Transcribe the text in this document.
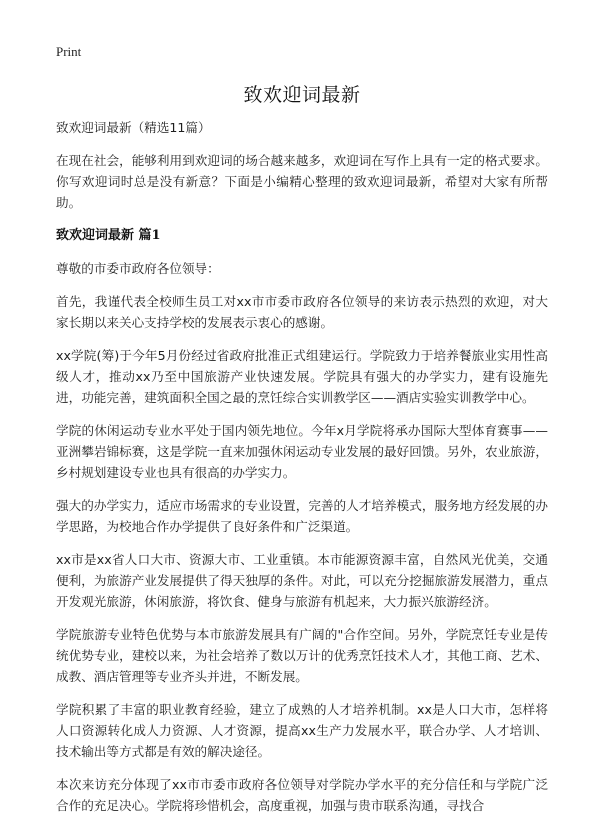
Print
致欢迎词最新

致欢迎词最新（精选11篇）

在现在社会，能够利用到欢迎词的场合越来越多，欢迎词在写作上具有一定的格式要求。你写欢迎词时总是没有新意？下面是小编精心整理的致欢迎词最新，希望对大家有所帮助。

致欢迎词最新 篇1

尊敬的市委市政府各位领导：

首先，我谨代表全校师生员工对xx市市委市政府各位领导的来访表示热烈的欢迎，对大家长期以来关心支持学校的发展表示衷心的感谢。

xx学院(筹)于今年5月份经过省政府批准正式组建运行。学院致力于培养餐旅业实用性高级人才，推动xx乃至中国旅游产业快速发展。学院具有强大的办学实力，建有设施先进，功能完善，建筑面积全国之最的烹饪综合实训教学区——酒店实验实训教学中心。

学院的休闲运动专业水平处于国内领先地位。今年x月学院将承办国际大型体育赛事——亚洲攀岩锦标赛，这是学院一直来加强休闲运动专业发展的最好回馈。另外，农业旅游，乡村规划建设专业也具有很高的办学实力。

强大的办学实力，适应市场需求的专业设置，完善的人才培养模式，服务地方经发展的办学思路，为校地合作办学提供了良好条件和广泛渠道。

xx市是xx省人口大市、资源大市、工业重镇。本市能源资源丰富，自然风光优美，交通便利，为旅游产业发展提供了得天独厚的条件。对此，可以充分挖掘旅游发展潜力，重点开发观光旅游，休闲旅游，将饮食、健身与旅游有机起来，大力振兴旅游经济。

学院旅游专业特色优势与本市旅游发展具有广阔的"合作空间。另外，学院烹饪专业是传统优势专业，建校以来，为社会培养了数以万计的优秀烹饪技术人才，其他工商、艺术、成教、酒店管理等专业齐头并进，不断发展。

学院积累了丰富的职业教育经验，建立了成熟的人才培养机制。xx是人口大市，怎样将人口资源转化成人力资源、人才资源，提高xx生产力发展水平，联合办学、人才培训、技术输出等方式都是有效的解决途径。

本次来访充分体现了xx市市委市政府各位领导对学院办学水平的充分信任和与学院广泛合作的充足决心。学院将珍惜机会，高度重视，加强与贵市联系沟通，寻找合
